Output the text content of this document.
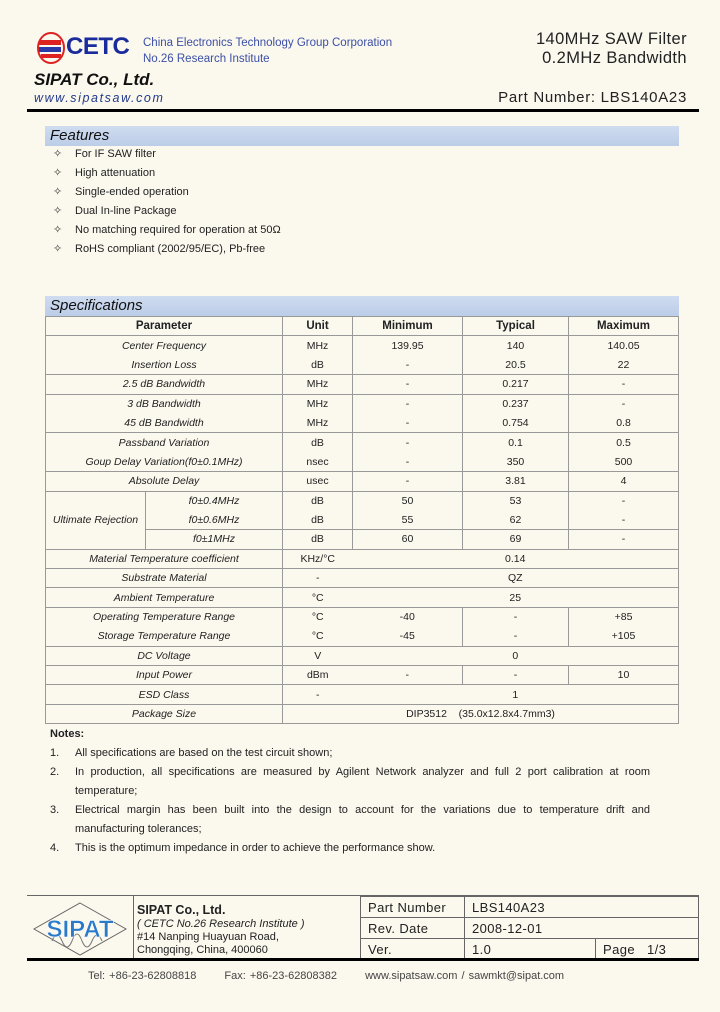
CETC China Electronics Technology Group Corporation
No.26 Research Institute
140MHz SAW Filter
0.2MHz Bandwidth
SIPAT Co., Ltd.
www.sipatsaw.com	Part Number: LBS140A23
Features
✧	For IF SAW filter
✧	High attenuation
✧	Single-ended operation
✧	Dual In-line Package
✧	No matching required for operation at 50Ω
✧	RoHS compliant (2002/95/EC), Pb-free
Specifications
Parameter		Unit	Minimum	Typical	Maximum
Center Frequency		MHz	139.95	140	140.05
Insertion Loss		dB	-	20.5	22
2.5 dB Bandwidth		MHz	-	0.217	-
3 dB Bandwidth		MHz	-	0.237	-
45 dB Bandwidth		MHz	-	0.754	0.8
Passband Variation		dB	-	0.1	0.5
Goup Delay Variation(f0±0.1MHz)		nsec	-	350	500
Absolute Delay		usec	-	3.81	4
Ultimate Rejection	f0±0.4MHz	dB	50	53	-
	f0±0.6MHz	dB	55	62	-
	f0±1MHz	dB	60	69	-
Material Temperature coefficient		KHz/°C	0.14		
Substrate Material		-	QZ		
Ambient Temperature		°C	25		
Operating Temperature Range		°C	-40	-	+85
Storage Temperature Range		°C	-45	-	+105
DC Voltage		V	0		
Input Power		dBm	-	-	10
ESD Class		-	1		
Package Size		DIP3512    (35.0x12.8x4.7mm3)			
Notes:
1.	All specifications are based on the test circuit shown;
2.	In production, all specifications are measured by Agilent Network analyzer and full 2 port calibration at room temperature;
3.	Electrical margin has been built into the design to account for the variations due to temperature drift and manufacturing tolerances;
4.	This is the optimum impedance in order to achieve the performance show.
SIPAT
SIPAT Co., Ltd.
( CETC No.26 Research Institute )
#14 Nanping Huayuan Road,
Chongqing, China, 400060
Part Number	LBS140A23	
Rev. Date	2008-12-01	
Ver.	1.0	Page   1/3
Tel: +86-23-62808818	Fax: +86-23-62808382	www.sipatsaw.com / sawmkt@sipat.com
